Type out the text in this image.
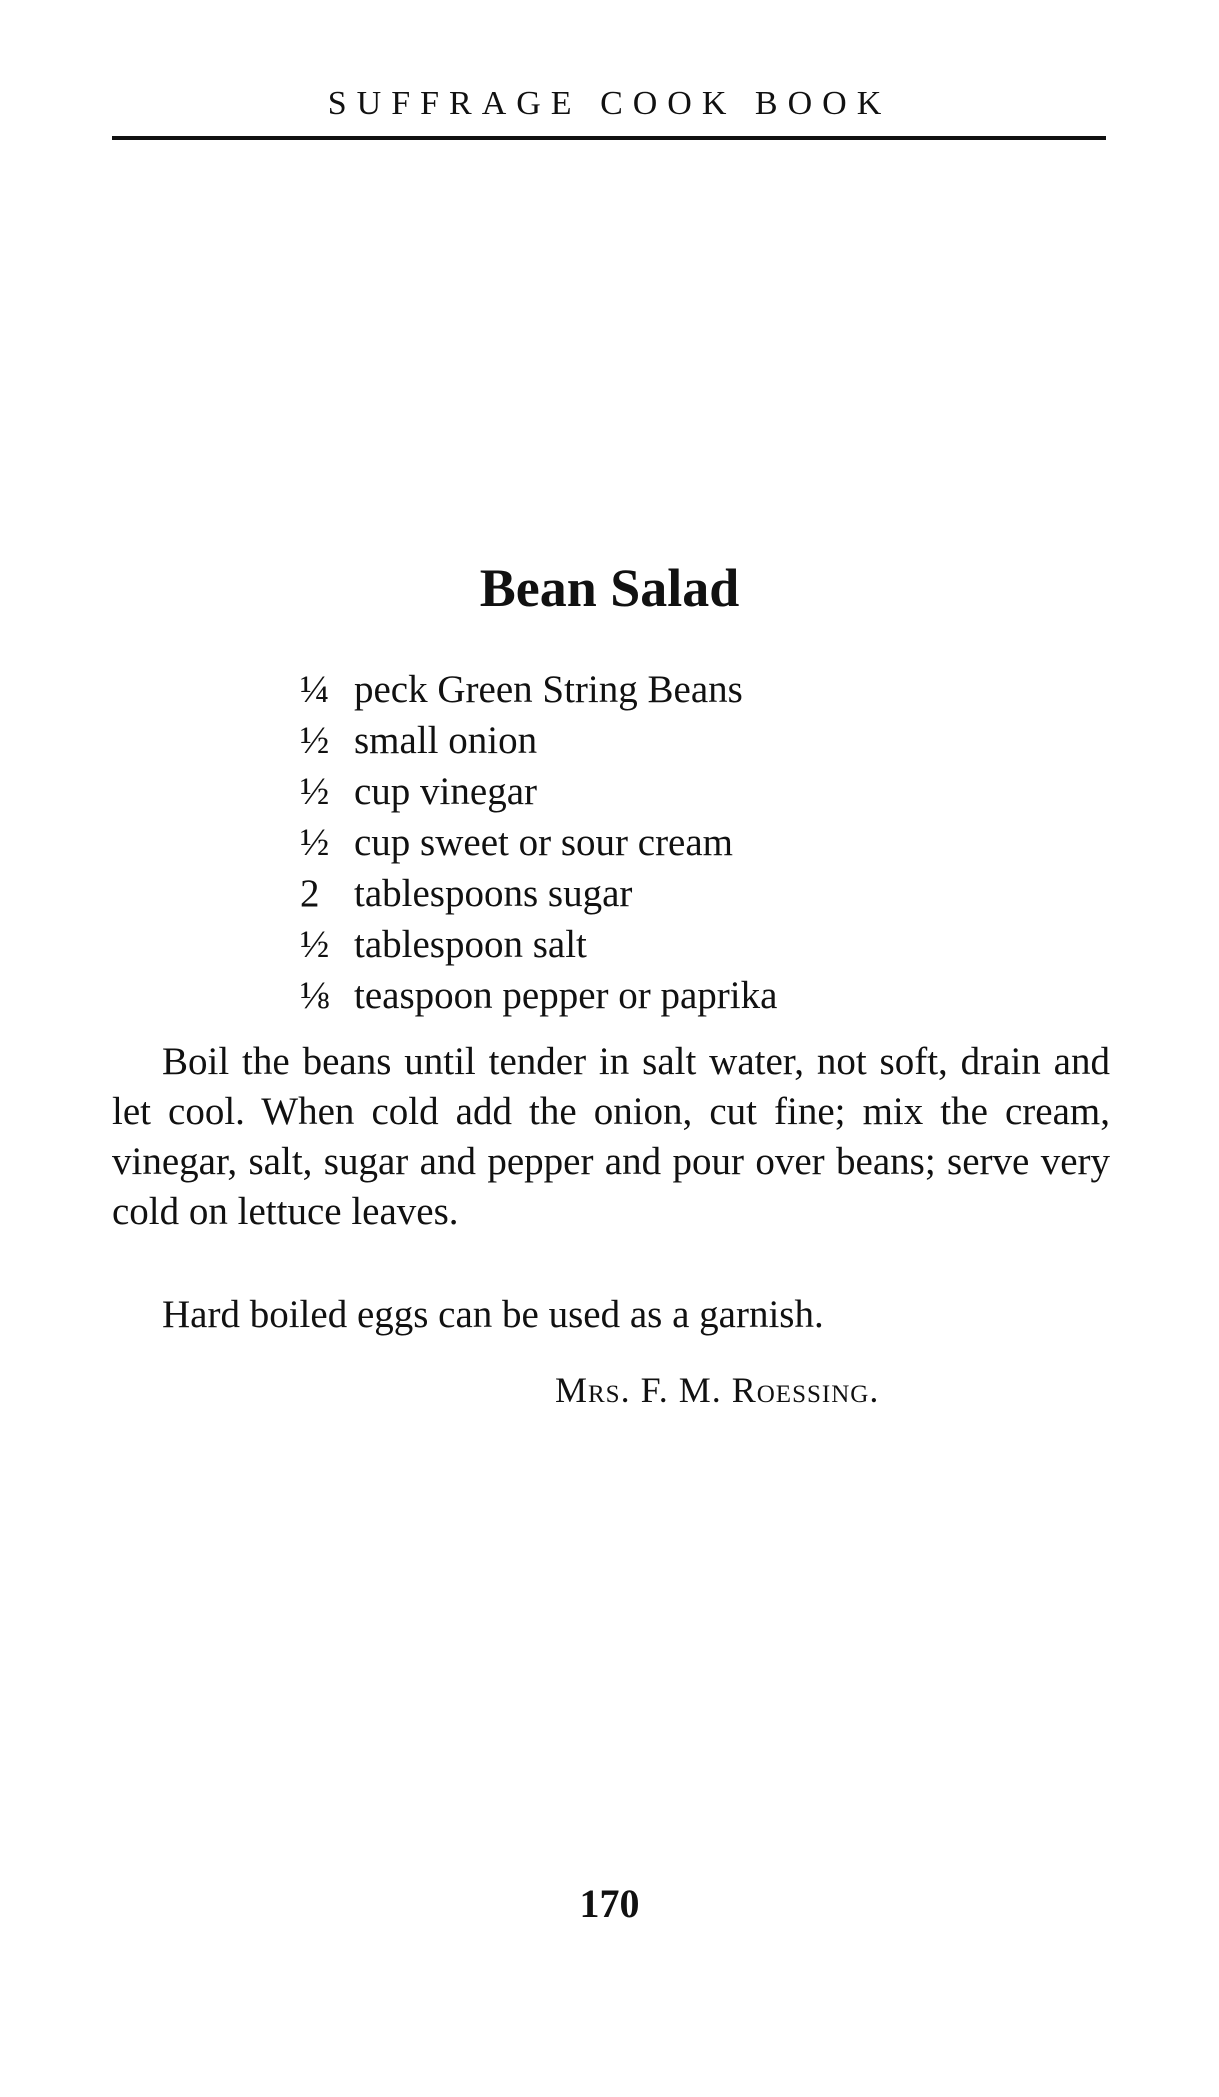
SUFFRAGE COOK BOOK
Bean Salad
¼ peck Green String Beans
½ small onion
½ cup vinegar
½ cup sweet or sour cream
2 tablespoons sugar
½ tablespoon salt
⅛ teaspoon pepper or paprika

Boil the beans until tender in salt water, not soft, drain and let cool. When cold add the onion, cut fine; mix the cream, vinegar, salt, sugar and pepper and pour over beans; serve very cold on lettuce leaves.

Hard boiled eggs can be used as a garnish.

Mrs. F. M. Roessing.
170
